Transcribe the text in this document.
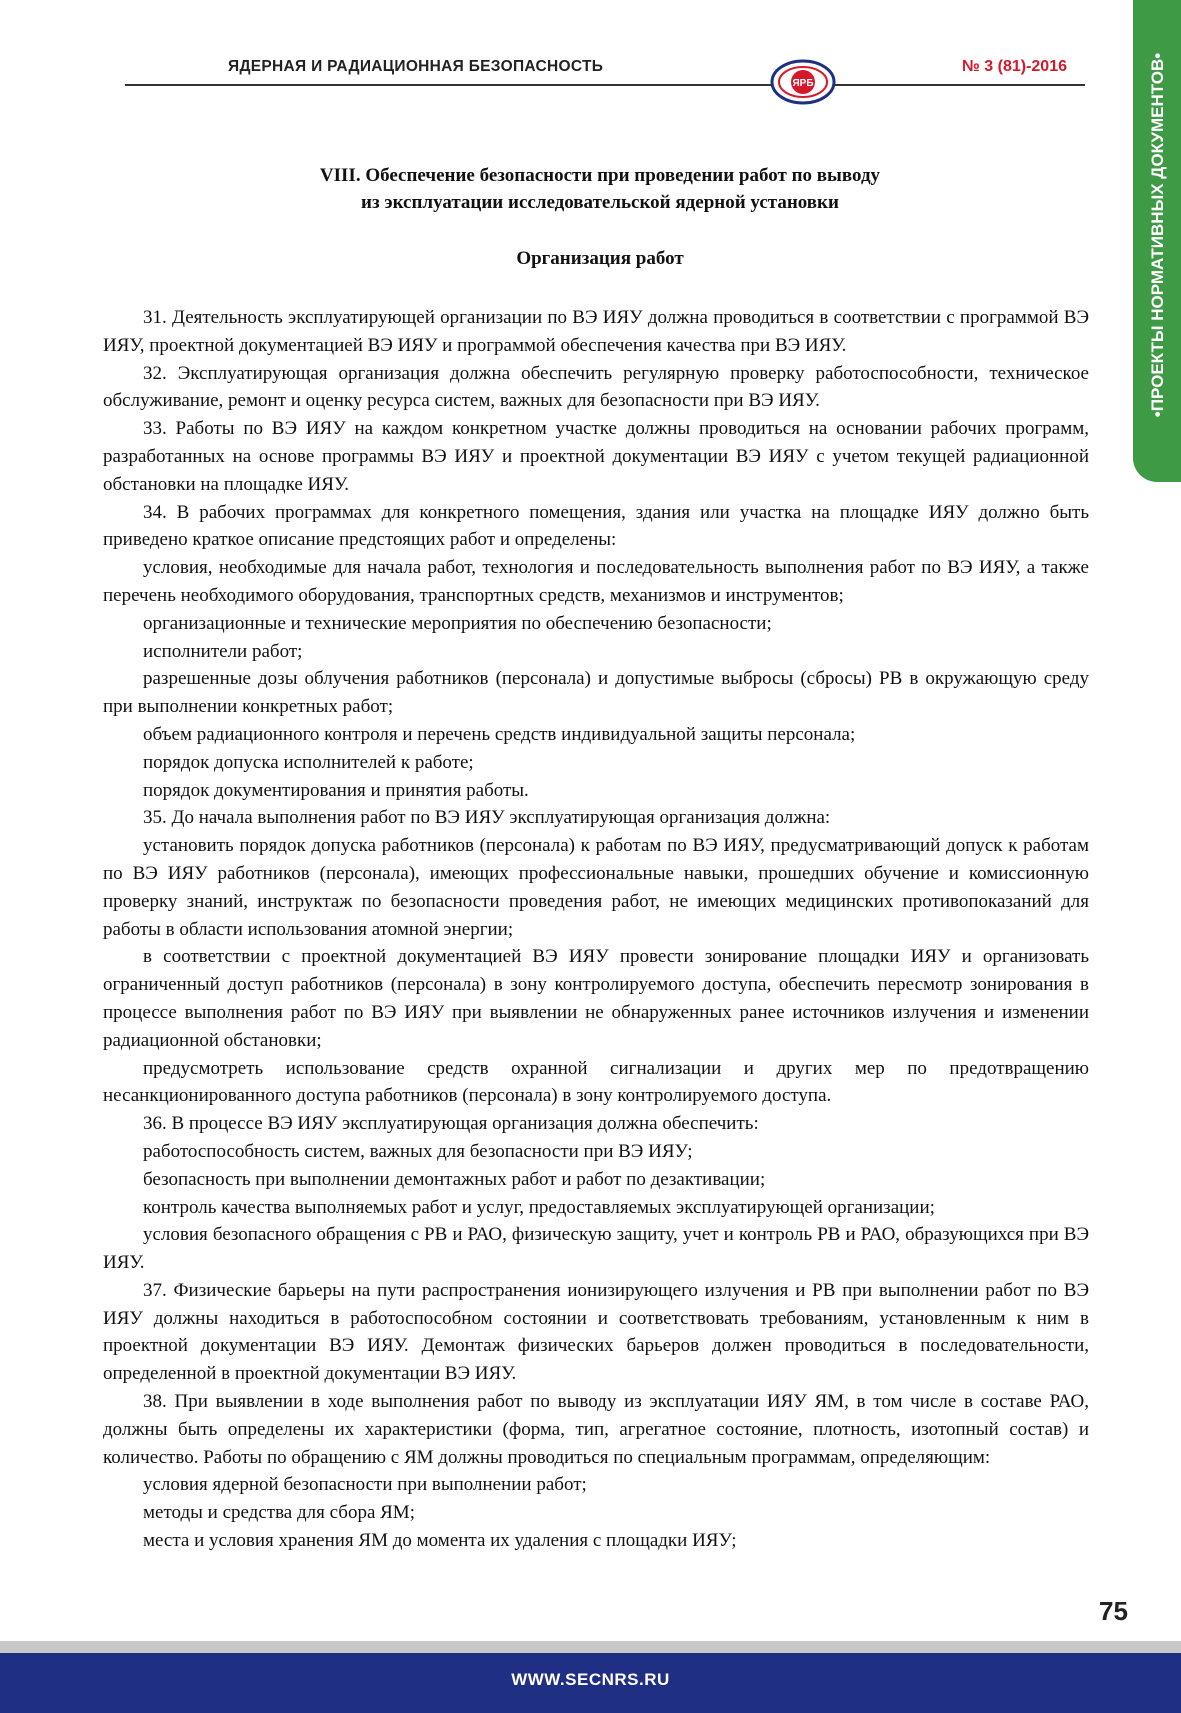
ЯДЕРНАЯ И РАДИАЦИОННАЯ БЕЗОПАСНОСТЬ
ЯРБ
№ 3 (81)-2016	•ПРОЕКТЫ НОРМАТИВНЫХ ДОКУМЕНТОВ•
VIII. Обеспечение безопасности при проведении работ по выводу
из эксплуатации исследовательской ядерной установки
Организация работ

31. Деятельность эксплуатирующей организации по ВЭ ИЯУ должна проводиться в соответствии с программой ВЭ ИЯУ, проектной документацией ВЭ ИЯУ и программой обеспечения качества при ВЭ ИЯУ.

32. Эксплуатирующая организация должна обеспечить регулярную проверку работоспособности, техническое обслуживание, ремонт и оценку ресурса систем, важных для безопасности при ВЭ ИЯУ.

33. Работы по ВЭ ИЯУ на каждом конкретном участке должны проводиться на основании рабочих программ, разработанных на основе программы ВЭ ИЯУ и проектной документации ВЭ ИЯУ с учетом текущей радиационной обстановки на площадке ИЯУ.

34. В рабочих программах для конкретного помещения, здания или участка на площадке ИЯУ должно быть приведено краткое описание предстоящих работ и определены:

условия, необходимые для начала работ, технология и последовательность выполнения работ по ВЭ ИЯУ, а также перечень необходимого оборудования, транспортных средств, механизмов и инструментов;

организационные и технические мероприятия по обеспечению безопасности;

исполнители работ;

разрешенные дозы облучения работников (персонала) и допустимые выбросы (сбросы) РВ в окружающую среду при выполнении конкретных работ;

объем радиационного контроля и перечень средств индивидуальной защиты персонала;

порядок допуска исполнителей к работе;

порядок документирования и принятия работы.

35. До начала выполнения работ по ВЭ ИЯУ эксплуатирующая организация должна:

установить порядок допуска работников (персонала) к работам по ВЭ ИЯУ, предусматривающий допуск к работам по ВЭ ИЯУ работников (персонала), имеющих профессиональные навыки, прошедших обучение и комиссионную проверку знаний, инструктаж по безопасности проведения работ, не имеющих медицинских противопоказаний для работы в области использования атомной энергии;

в соответствии с проектной документацией ВЭ ИЯУ провести зонирование площадки ИЯУ и организовать ограниченный доступ работников (персонала) в зону контролируемого доступа, обеспечить пересмотр зонирования в процессе выполнения работ по ВЭ ИЯУ при выявлении не обнаруженных ранее источников излучения и изменении радиационной обстановки;

предусмотреть использование средств охранной сигнализации и других мер по предотвращению несанкционированного доступа работников (персонала) в зону контролируемого доступа.

36. В процессе ВЭ ИЯУ эксплуатирующая организация должна обеспечить:

работоспособность систем, важных для безопасности при ВЭ ИЯУ;

безопасность при выполнении демонтажных работ и работ по дезактивации;

контроль качества выполняемых работ и услуг, предоставляемых эксплуатирующей организации;

условия безопасного обращения с РВ и РАО, физическую защиту, учет и контроль РВ и РАО, образующихся при ВЭ ИЯУ.

37. Физические барьеры на пути распространения ионизирующего излучения и РВ при выполнении работ по ВЭ ИЯУ должны находиться в работоспособном состоянии и соответствовать требованиям, установленным к ним в проектной документации ВЭ ИЯУ. Демонтаж физических барьеров должен проводиться в последовательности, определенной в проектной документации ВЭ ИЯУ.

38. При выявлении в ходе выполнения работ по выводу из эксплуатации ИЯУ ЯМ, в том числе в составе РАО, должны быть определены их характеристики (форма, тип, агрегатное состояние, плотность, изотопный состав) и количество. Работы по обращению с ЯМ должны проводиться по специальным программам, определяющим:

условия ядерной безопасности при выполнении работ;

методы и средства для сбора ЯМ;

места и условия хранения ЯМ до момента их удаления с площадки ИЯУ;

75
WWW.SECNRS.RU
